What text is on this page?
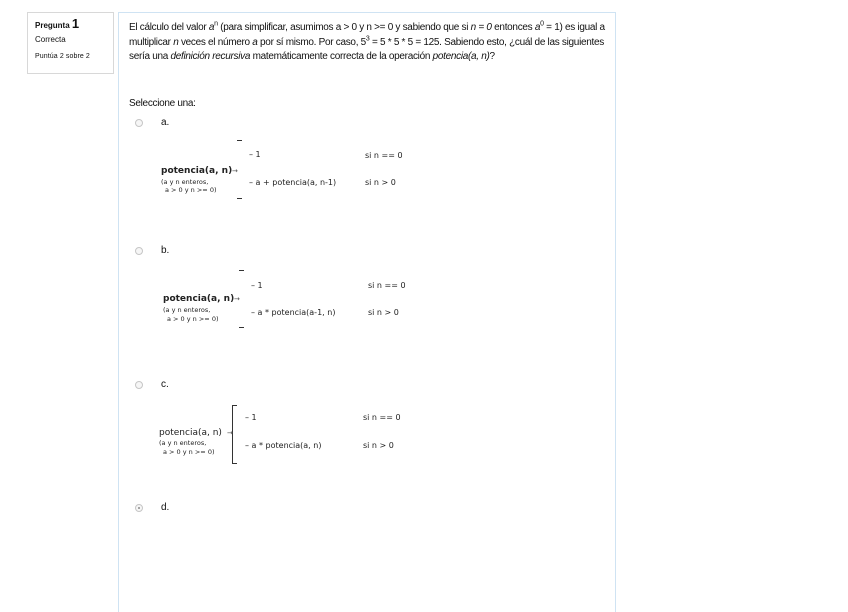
Pregunta 1
Correcta
Puntúa 2 sobre 2
El cálculo del valor $a^n$ (para simplificar, asumimos a > 0 y n >= 0 y sabiendo que si n = 0 entonces $a^0 = 1$) es igual a multiplicar n veces el número a por sí mismo. Por caso, $5^3 = 5 * 5 * 5 = 125$. Sabiendo esto, ¿cuál de las siguientes sería una definición recursiva matemáticamente correcta de la operación potencia(a, n)?
Seleccione una:
a.
potencia(a, n) →
(a y n enteros,
a > 0 y n >= 0)
– 1	si n == 0
– a + potencia(a, n-1)	si n > 0
b.
potencia(a, n) →
(a y n enteros,
a > 0 y n >= 0)
– 1	si n == 0
– a * potencia(a-1, n)	si n > 0
c.
potencia(a, n) →
(a y n enteros,
a > 0 y n >= 0)
– 1	si n == 0
– a * potencia(a, n)	si n > 0
d.
